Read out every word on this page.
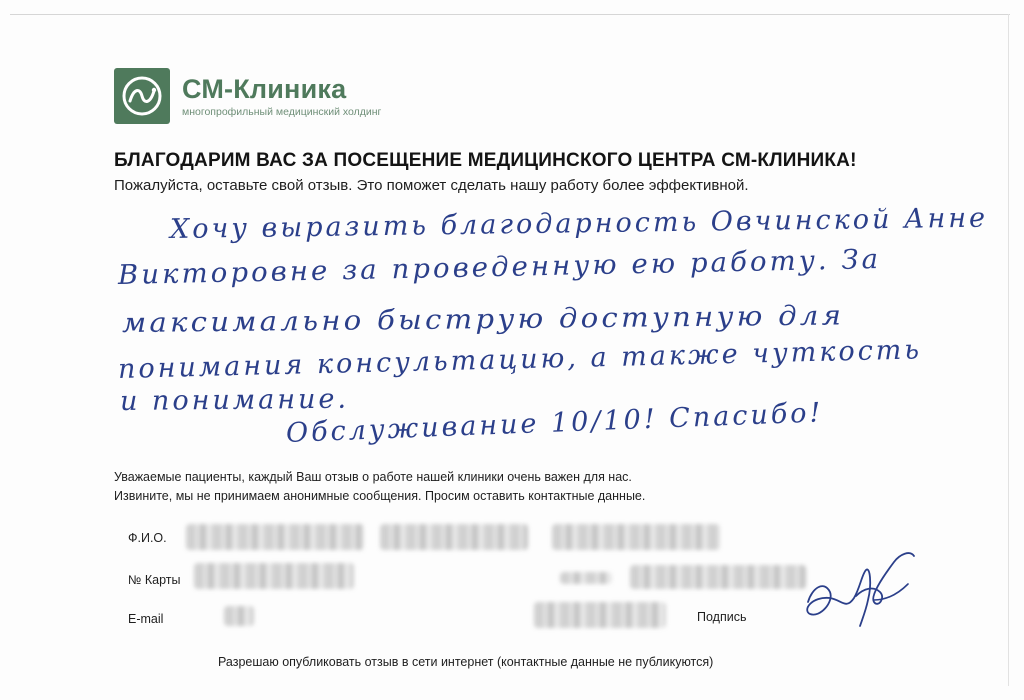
СМ-Клиника
многопрофильный медицинский холдинг
БЛАГОДАРИМ ВАС ЗА ПОСЕЩЕНИЕ МЕДИЦИНСКОГО ЦЕНТРА СМ-КЛИНИКА!
Пожалуйста, оставьте свой отзыв. Это поможет сделать нашу работу более эффективной.
Хочу выразить благодарность Овчинской Анне
Викторовне за проведенную ею работу. За
максимально быструю доступную для
понимания консультацию, а также чуткость
и понимание.
Обслуживание 10/10! Спасибо!
Уважаемые пациенты, каждый Ваш отзыв о работе нашей клиники очень важен для нас.
Извините, мы не принимаем анонимные сообщения. Просим оставить контактные данные.
Ф.И.О.
№ Карты
E-mail	Подпись
Разрешаю опубликовать отзыв в сети интернет (контактные данные не публикуются)
